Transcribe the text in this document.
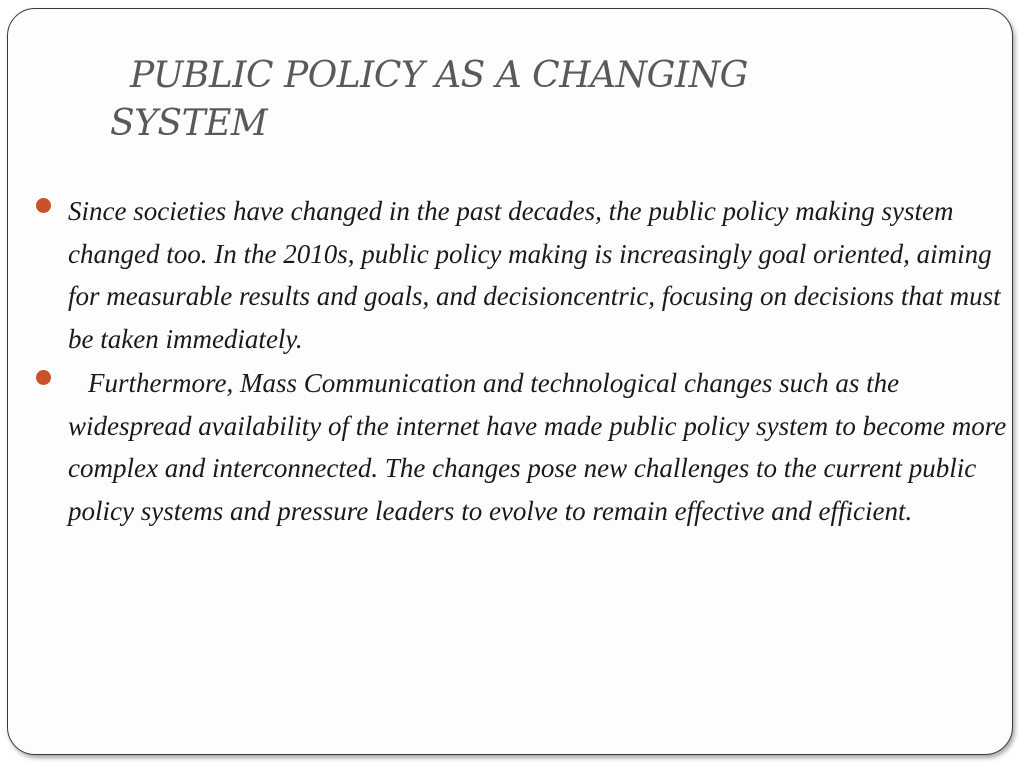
PUBLIC POLICY AS A CHANGING
SYSTEM
Since societies have changed in the past decades, the public policy making system changed too. In the 2010s, public policy making is increasingly goal oriented, aiming for measurable results and goals, and decisioncentric, focusing on decisions that must be taken immediately.
Furthermore, Mass Communication and technological changes such as the widespread availability of the internet have made public policy system to become more complex and interconnected. The changes pose new challenges to the current public policy systems and pressure leaders to evolve to remain effective and efficient.
